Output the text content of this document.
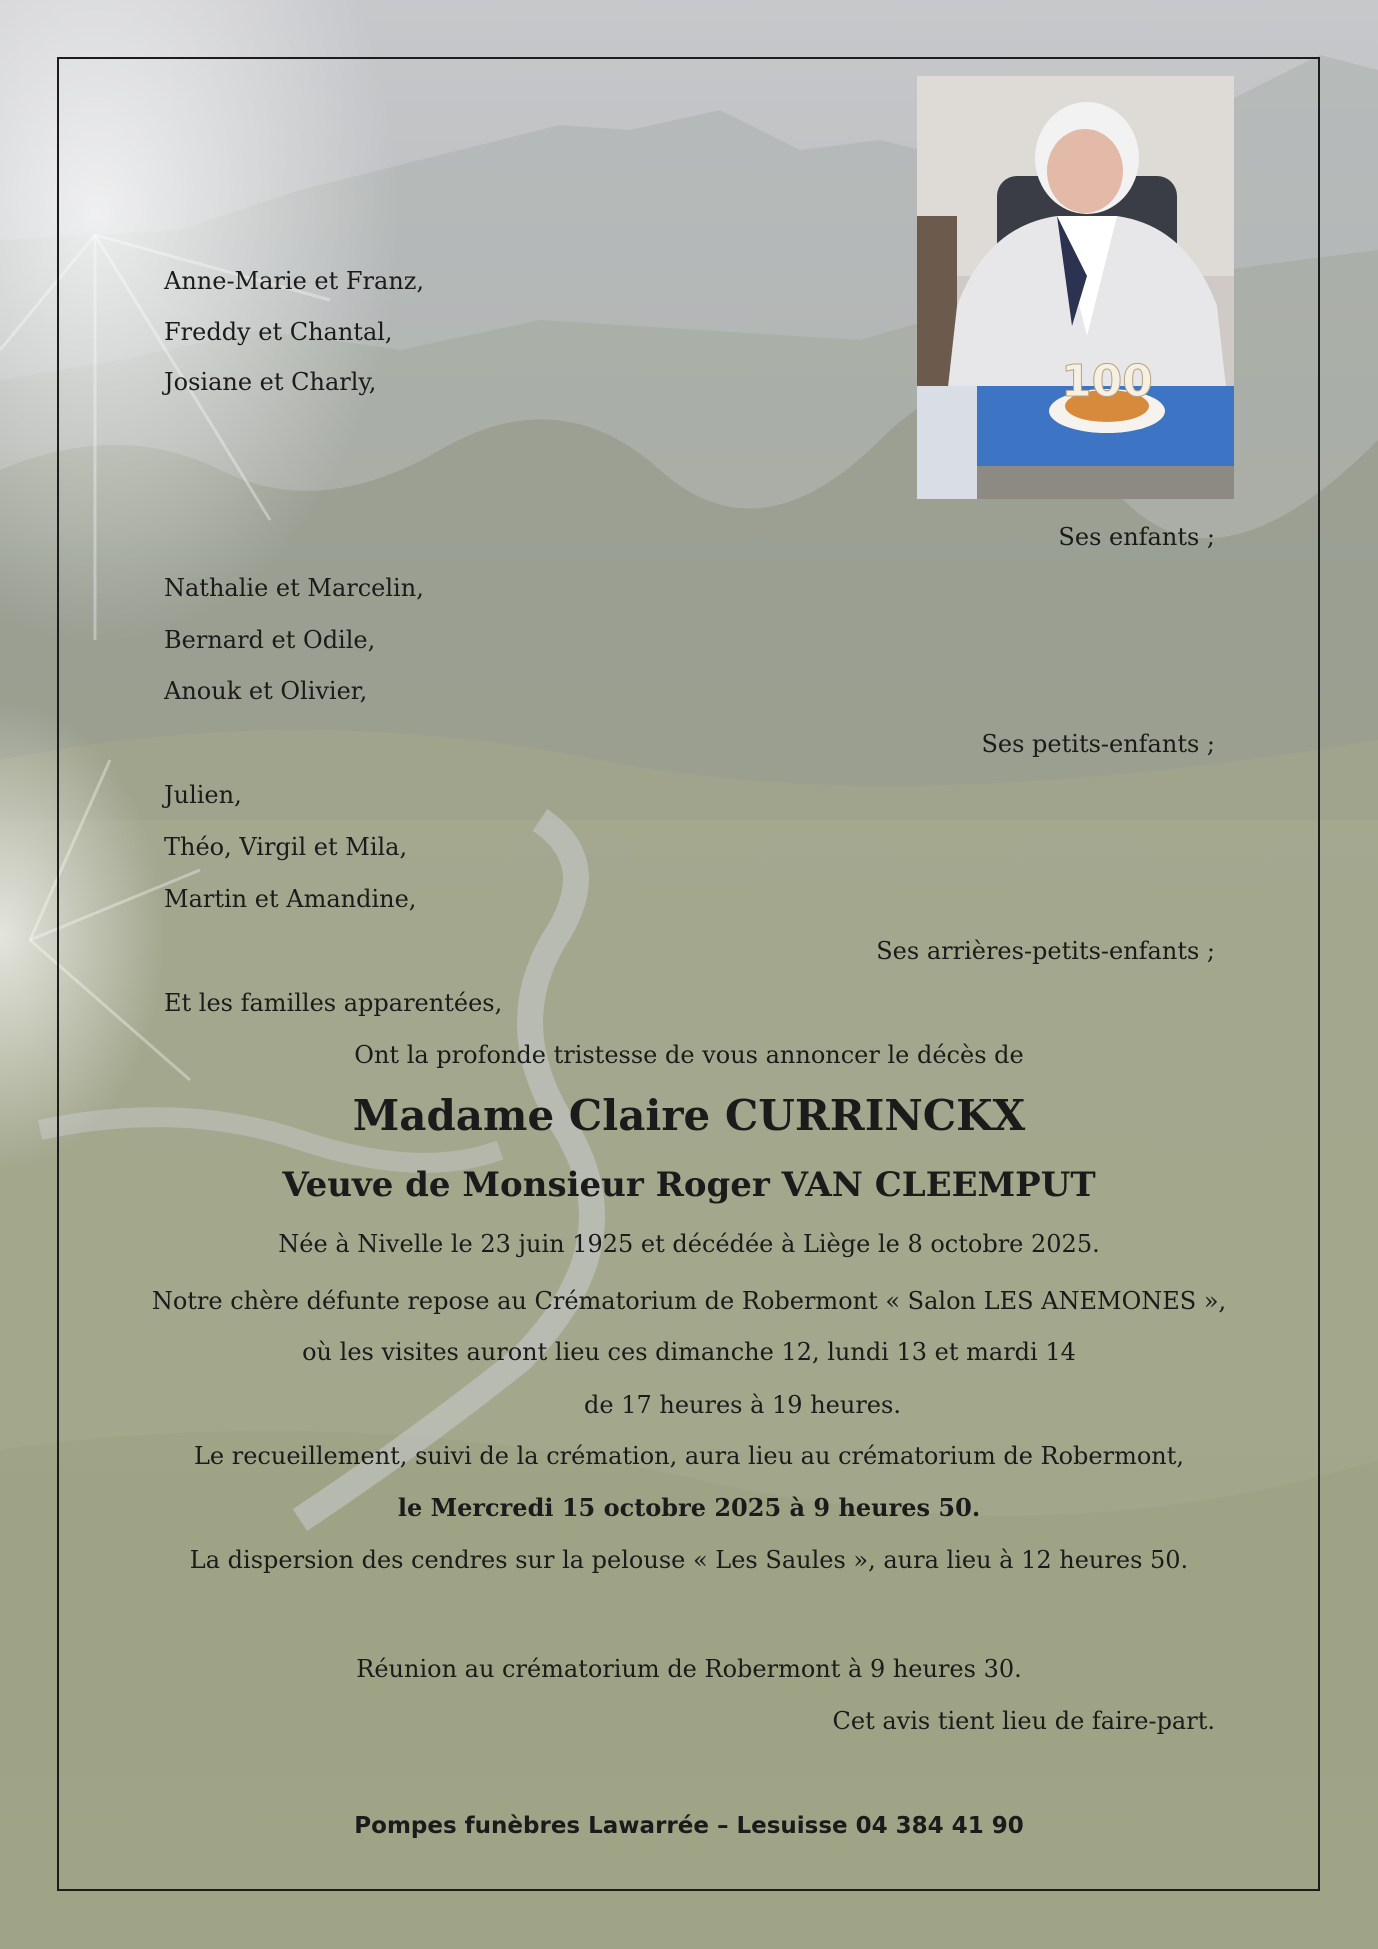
100
Anne-Marie et Franz,
Freddy et Chantal,
Josiane et Charly,
Ses enfants ;
Nathalie et Marcelin,
Bernard et Odile,
Anouk et Olivier,
Ses petits-enfants ;
Julien,
Théo, Virgil et Mila,
Martin et Amandine,
Ses arrières-petits-enfants ;
Et les familles apparentées,
Ont la profonde tristesse de vous annoncer le décès de
Madame Claire CURRINCKX
Veuve de Monsieur Roger VAN CLEEMPUT
Née à Nivelle le 23 juin 1925 et décédée à Liège le 8 octobre 2025.
Notre chère défunte repose au Crématorium de Robermont « Salon LES ANEMONES »,
où les visites auront lieu ces dimanche 12, lundi 13 et mardi 14
de 17 heures à 19 heures.
Le recueillement, suivi de la crémation, aura lieu au crématorium de Robermont,
le Mercredi 15 octobre 2025 à 9 heures 50.
La dispersion des cendres sur la pelouse « Les Saules », aura lieu à 12 heures 50.
Réunion au crématorium de Robermont à 9 heures 30.
Cet avis tient lieu de faire-part.
Pompes funèbres Lawarrée – Lesuisse 04 384 41 90
